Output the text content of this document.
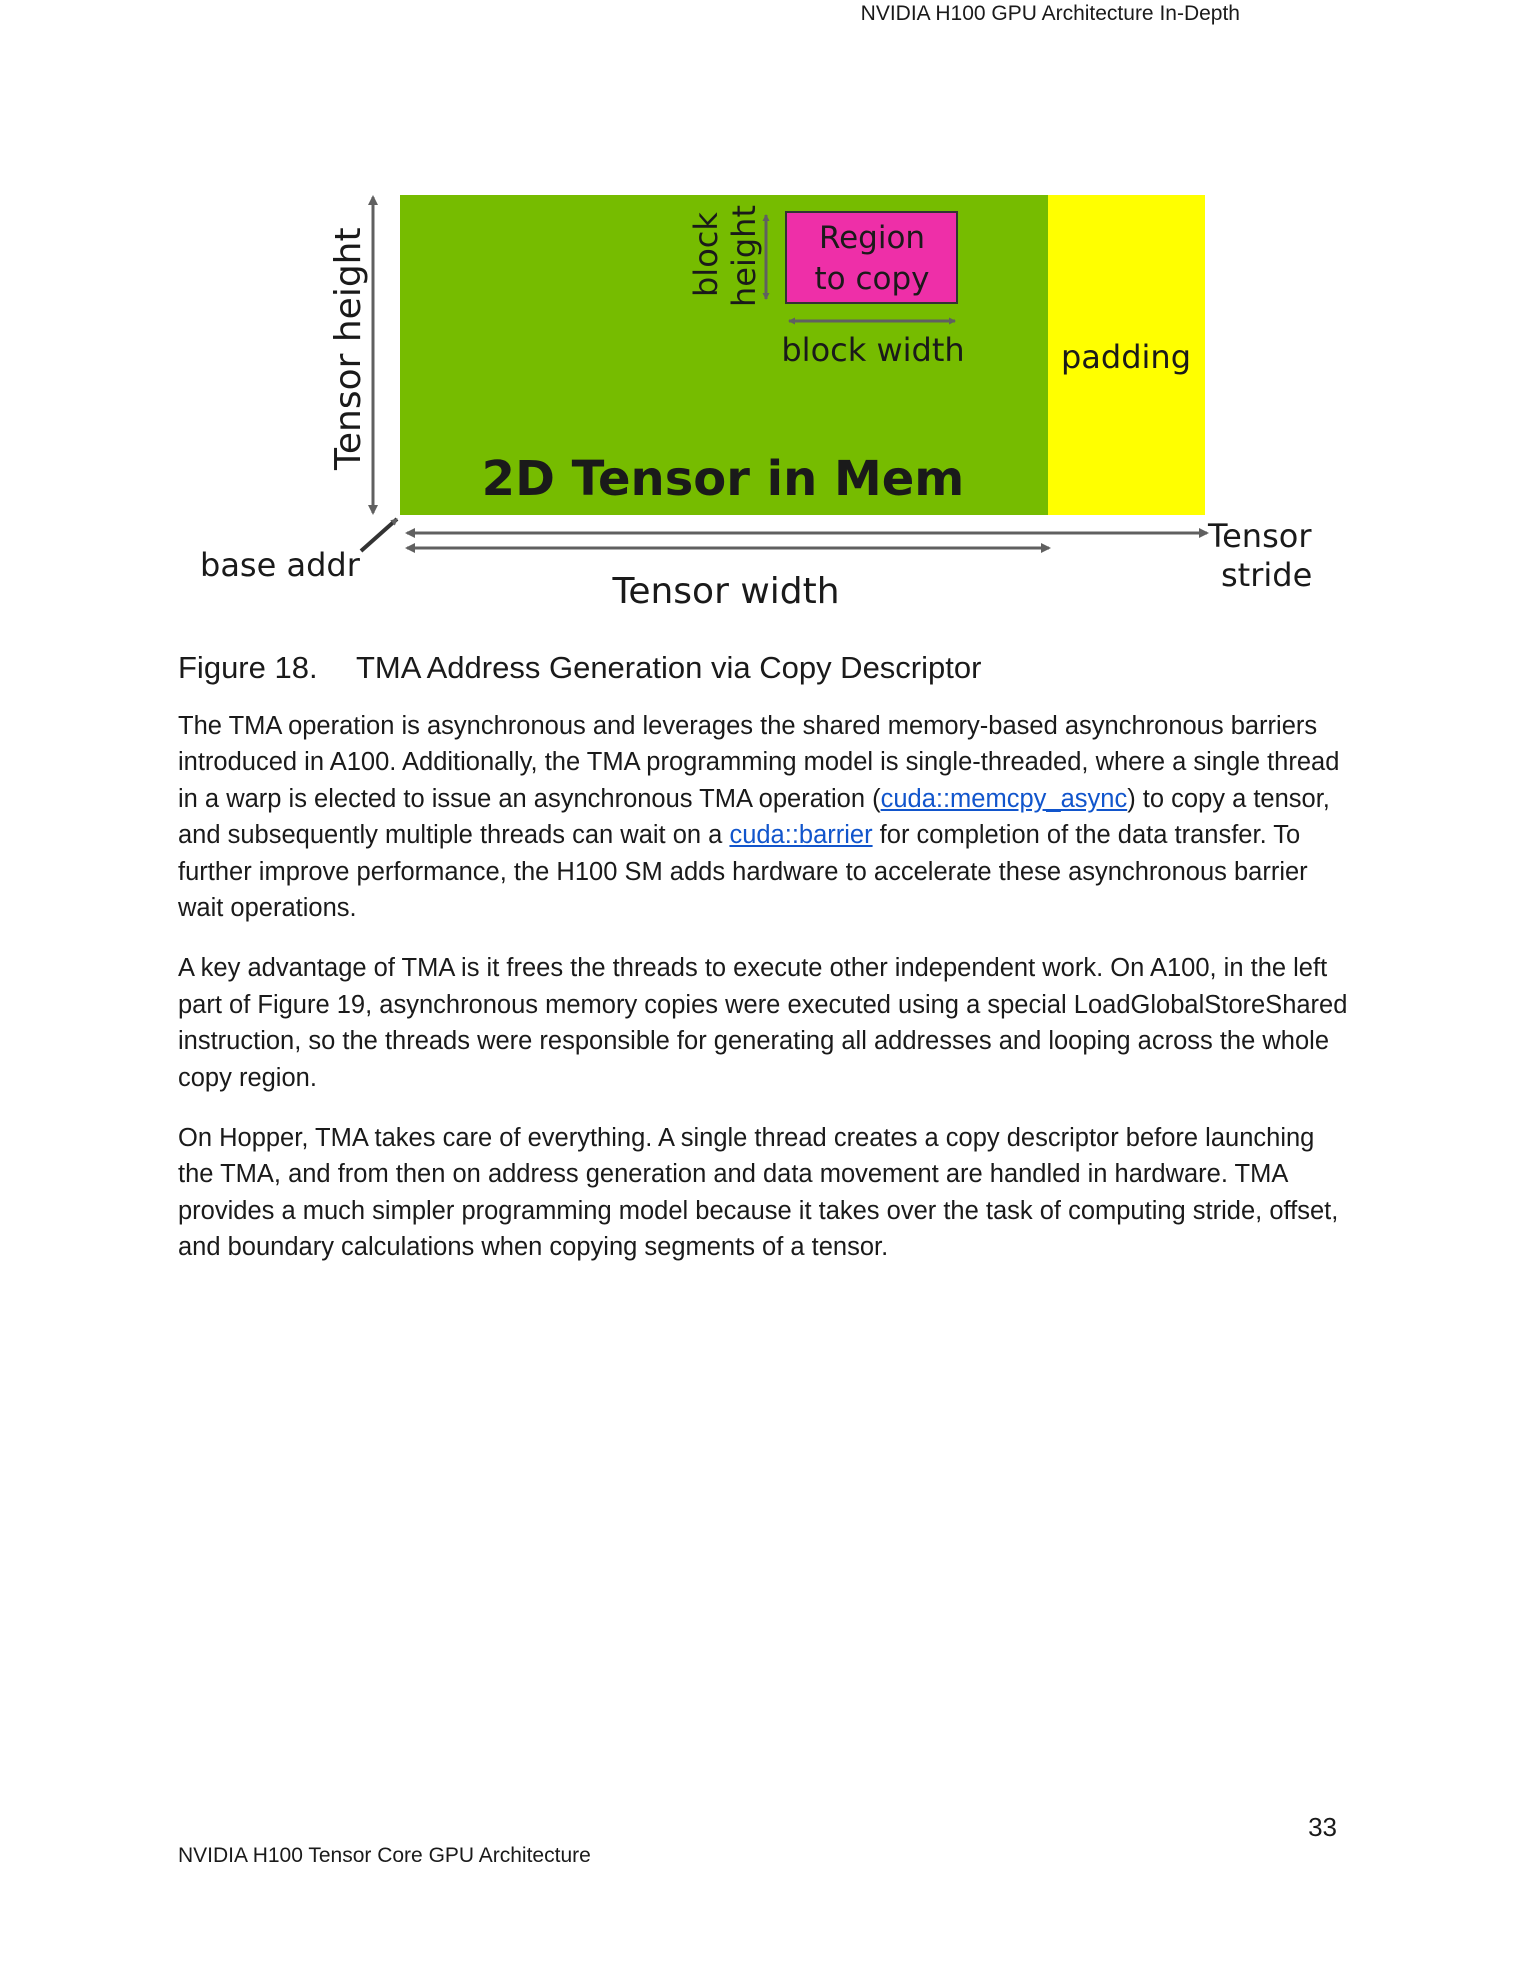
NVIDIA H100 GPU Architecture In-Depth
Region
to copy
block height
block width	padding
2D Tensor in Mem
Tensor height
base addr
Tensor
stride
Tensor width
Figure 18. TMA Address Generation via Copy Descriptor

The TMA operation is asynchronous and leverages the shared memory-based asynchronous barriers introduced in A100. Additionally, the TMA programming model is single-threaded, where a single thread in a warp is elected to issue an asynchronous TMA operation (cuda::memcpy_async) to copy a tensor, and subsequently multiple threads can wait on a cuda::barrier for completion of the data transfer. To further improve performance, the H100 SM adds hardware to accelerate these asynchronous barrier wait operations.

A key advantage of TMA is it frees the threads to execute other independent work. On A100, in the left part of Figure 19, asynchronous memory copies were executed using a special LoadGlobalStoreShared instruction, so the threads were responsible for generating all addresses and looping across the whole copy region.

On Hopper, TMA takes care of everything. A single thread creates a copy descriptor before launching the TMA, and from then on address generation and data movement are handled in hardware. TMA provides a much simpler programming model because it takes over the task of computing stride, offset, and boundary calculations when copying segments of a tensor.

33
NVIDIA H100 Tensor Core GPU Architecture
